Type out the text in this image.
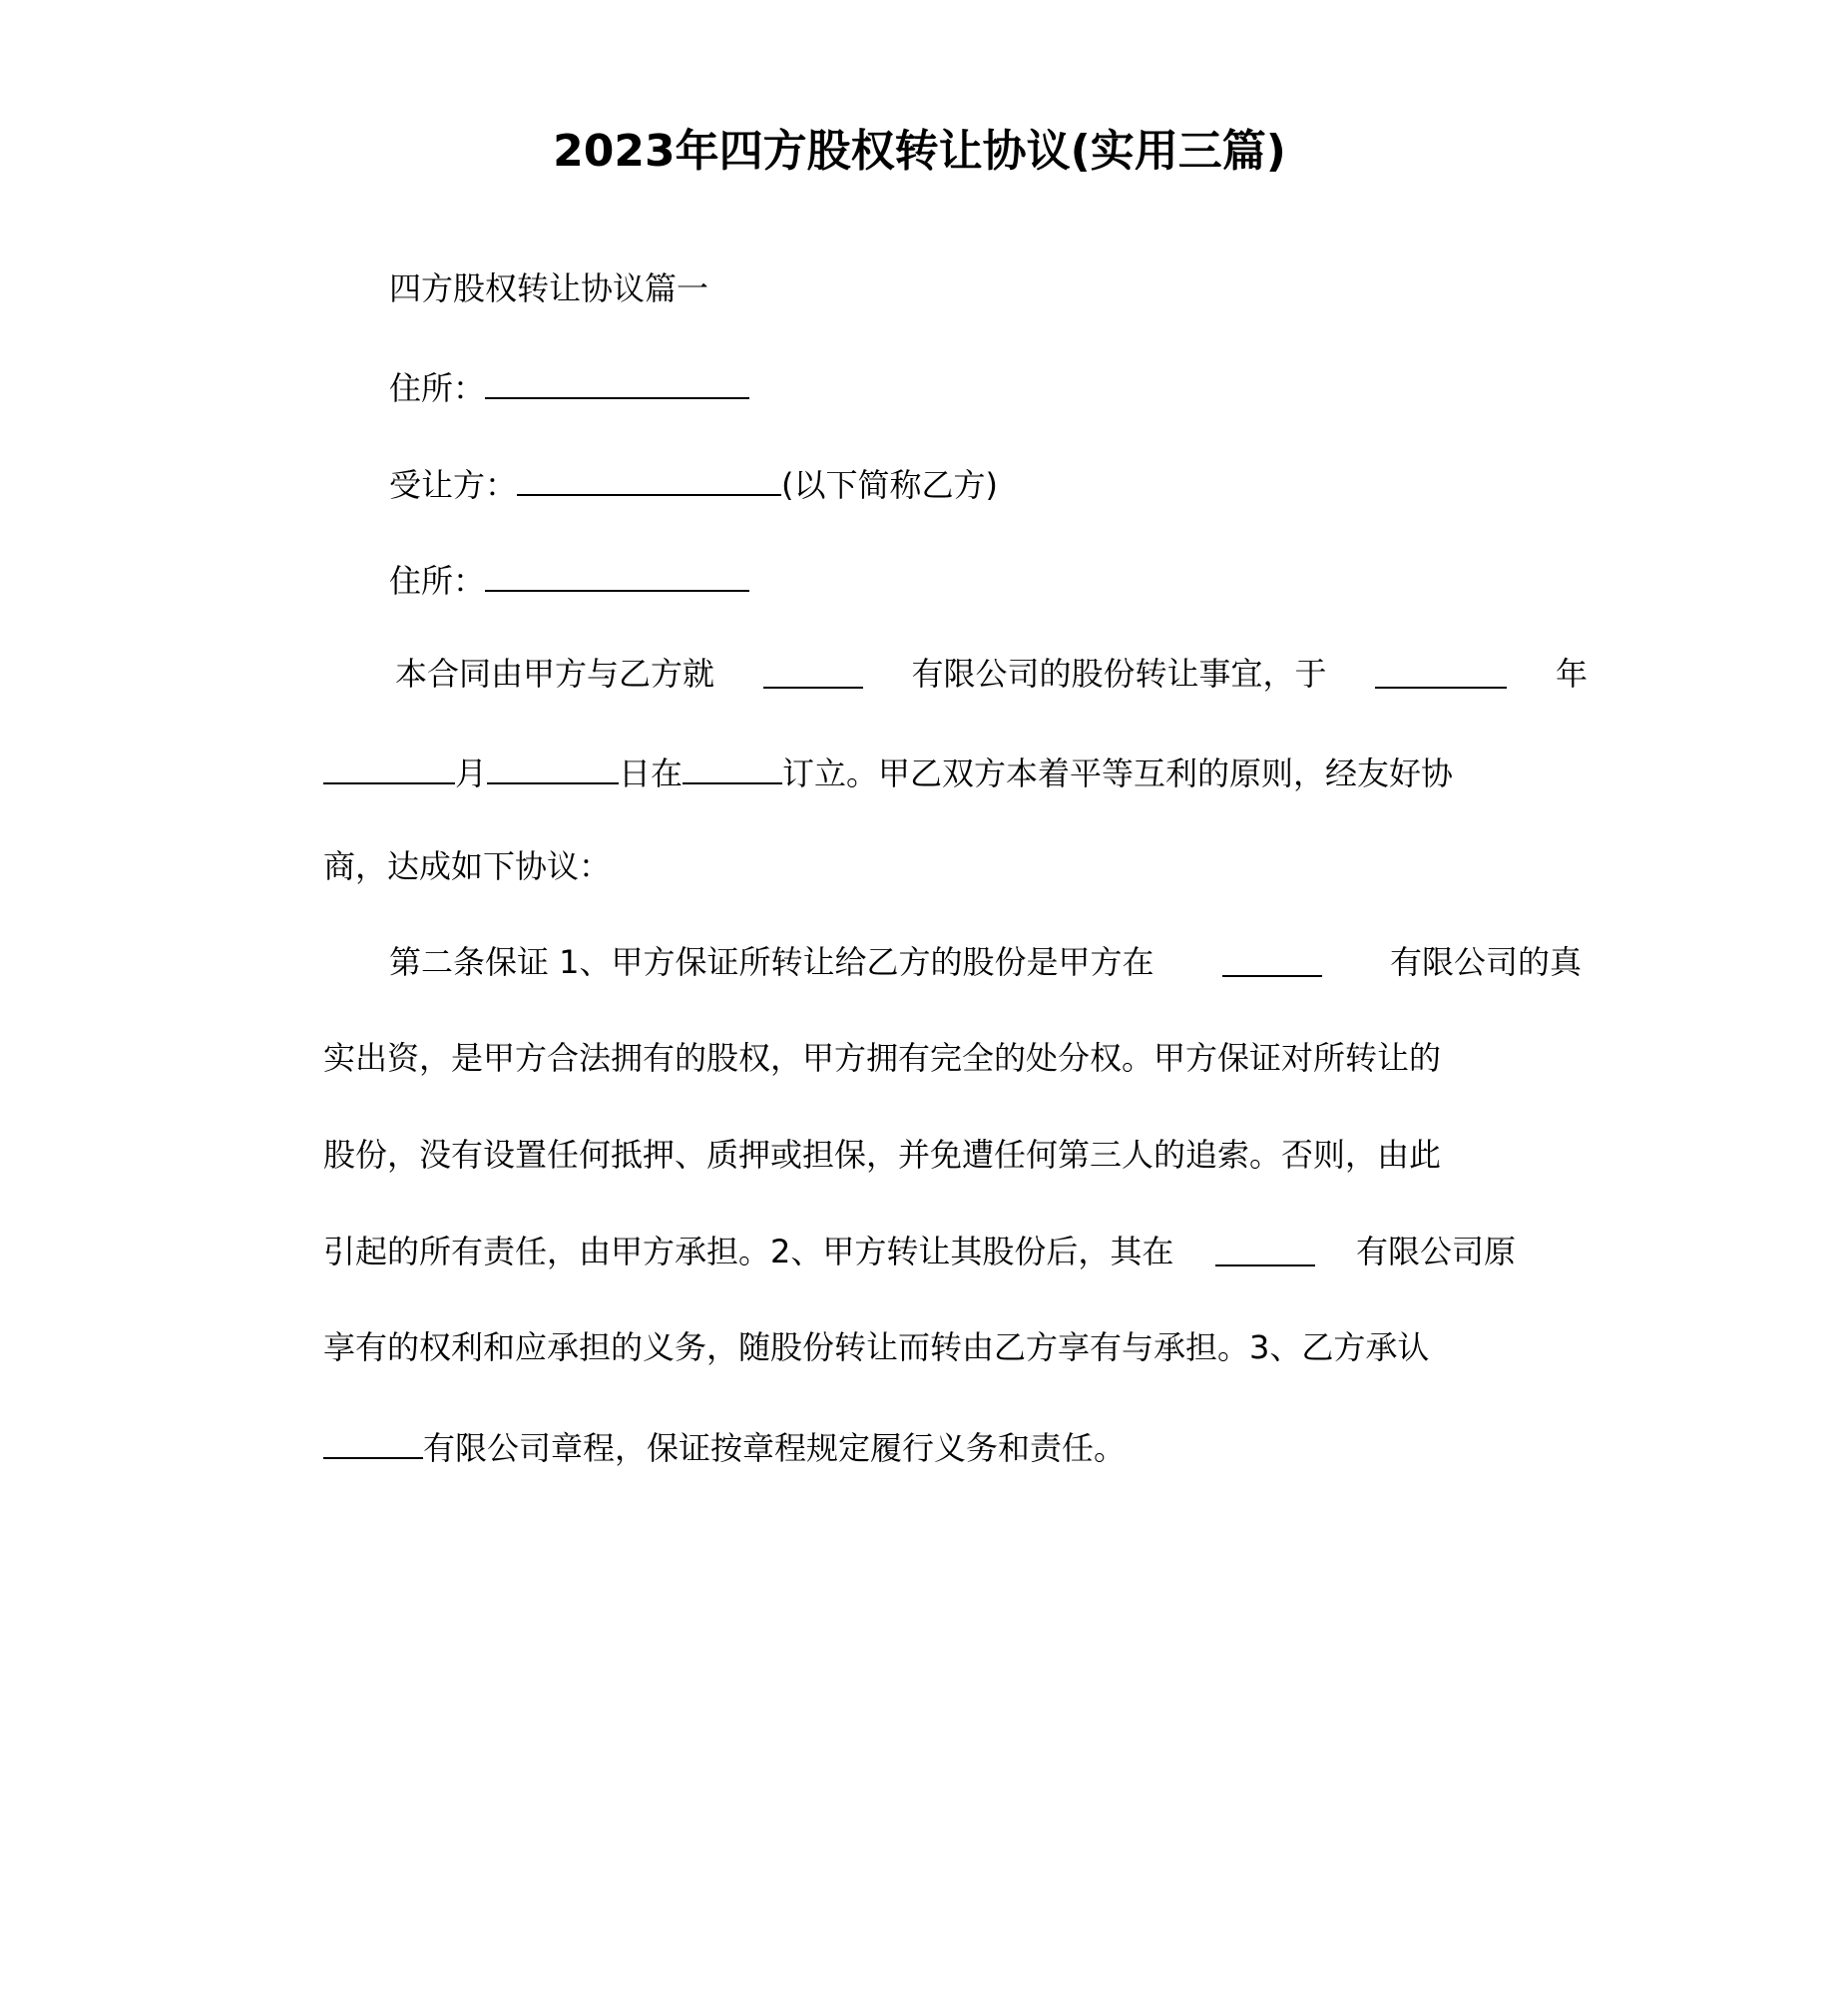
2023年四方股权转让协议(实用三篇)
四方股权转让协议篇一
住所：
受让方：	(以下简称乙方)
住所：
本合同由甲方与乙方就	有限公司的股份转让事宜，于	年
月	日在	订立。甲乙双方本着平等互利的原则，经友好协
商，达成如下协议：
第二条保证 1、甲方保证所转让给乙方的股份是甲方在	有限公司的真
实出资，是甲方合法拥有的股权，甲方拥有完全的处分权。甲方保证对所转让的
股份，没有设置任何抵押、质押或担保，并免遭任何第三人的追索。否则，由此
引起的所有责任，由甲方承担。2、甲方转让其股份后，其在	有限公司原
享有的权利和应承担的义务，随股份转让而转由乙方享有与承担。3、乙方承认
有限公司章程，保证按章程规定履行义务和责任。
